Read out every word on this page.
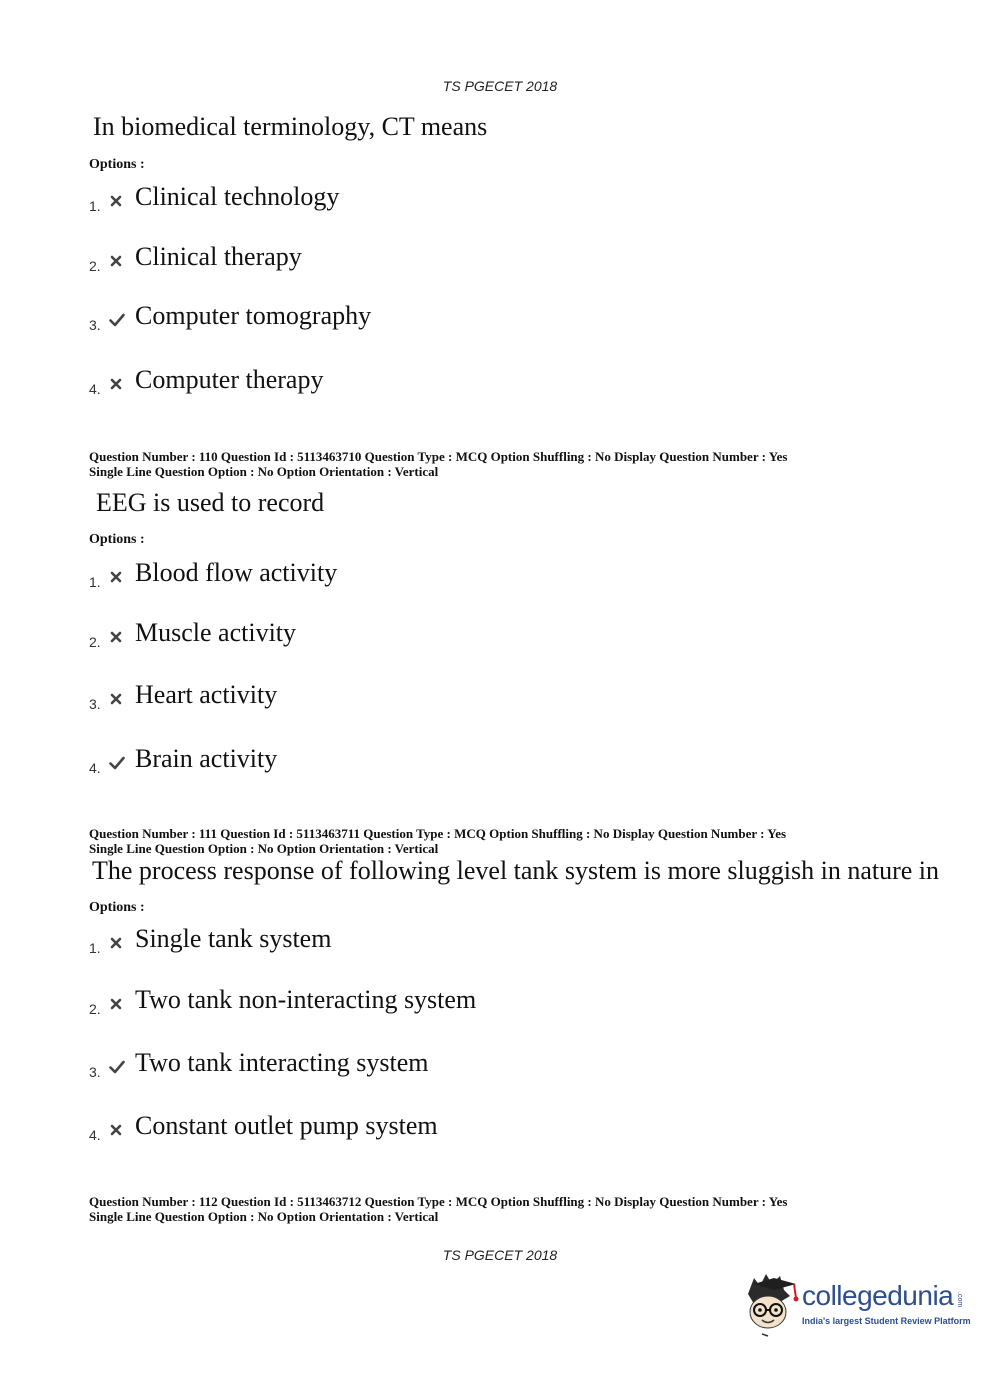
TS PGECET 2018
In biomedical terminology, CT means
Options :
1. Clinical technology
2. Clinical therapy
3. Computer tomography
4. Computer therapy
Question Number : 110 Question Id : 5113463710 Question Type : MCQ Option Shuffling : No Display Question Number : Yes
Single Line Question Option : No Option Orientation : Vertical
EEG is used to record
Options :
1. Blood flow activity
2. Muscle activity
3. Heart activity
4. Brain activity
Question Number : 111 Question Id : 5113463711 Question Type : MCQ Option Shuffling : No Display Question Number : Yes
Single Line Question Option : No Option Orientation : Vertical
The process response of following level tank system is more sluggish in nature in
Options :
1. Single tank system
2. Two tank non-interacting system
3. Two tank interacting system
4. Constant outlet pump system
Question Number : 112 Question Id : 5113463712 Question Type : MCQ Option Shuffling : No Display Question Number : Yes
Single Line Question Option : No Option Orientation : Vertical
TS PGECET 2018
collegedunia .com
India's largest Student Review Platform
